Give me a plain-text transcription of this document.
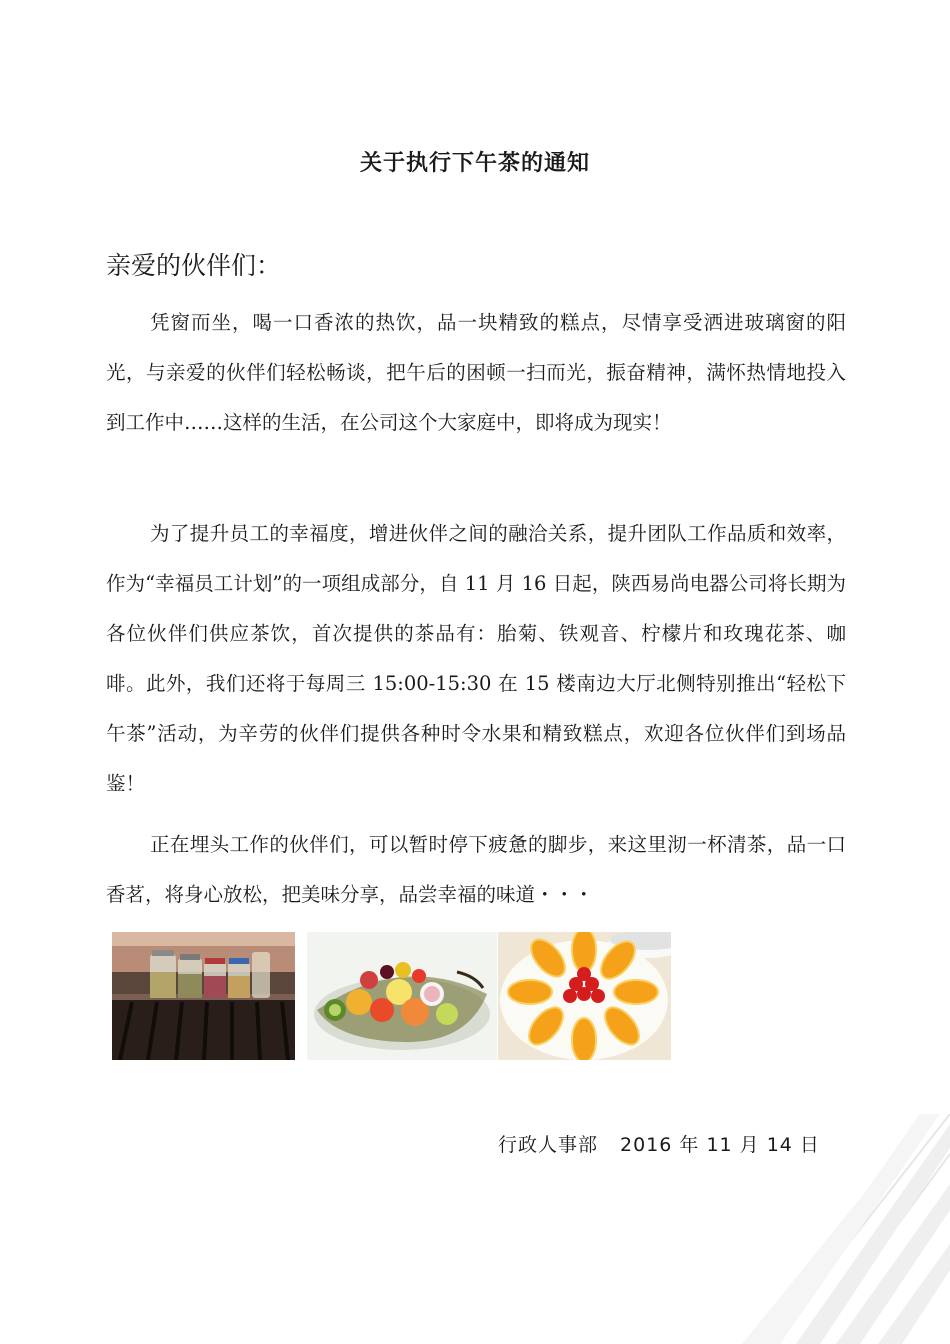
关于执行下午茶的通知
亲爱的伙伴们：

凭窗而坐，喝一口香浓的热饮，品一块精致的糕点，尽情享受洒进玻璃窗的阳光，与亲爱的伙伴们轻松畅谈，把午后的困顿一扫而光，振奋精神，满怀热情地投入到工作中……这样的生活，在公司这个大家庭中，即将成为现实！

为了提升员工的幸福度，增进伙伴之间的融洽关系，提升团队工作品质和效率，作为“幸福员工计划”的一项组成部分，自 11 月 16 日起，陕西易尚电器公司将长期为各位伙伴们供应茶饮，首次提供的茶品有：胎菊、铁观音、柠檬片和玫瑰花茶、咖啡。此外，我们还将于每周三 15:00-15:30 在 15 楼南边大厅北侧特别推出“轻松下午茶”活动，为辛劳的伙伴们提供各种时令水果和精致糕点，欢迎各位伙伴们到场品鉴！

正在埋头工作的伙伴们，可以暂时停下疲惫的脚步，来这里沏一杯清茶，品一口香茗，将身心放松，把美味分享，品尝幸福的味道・・・

行政人事部 2016 年 11 月 14 日
